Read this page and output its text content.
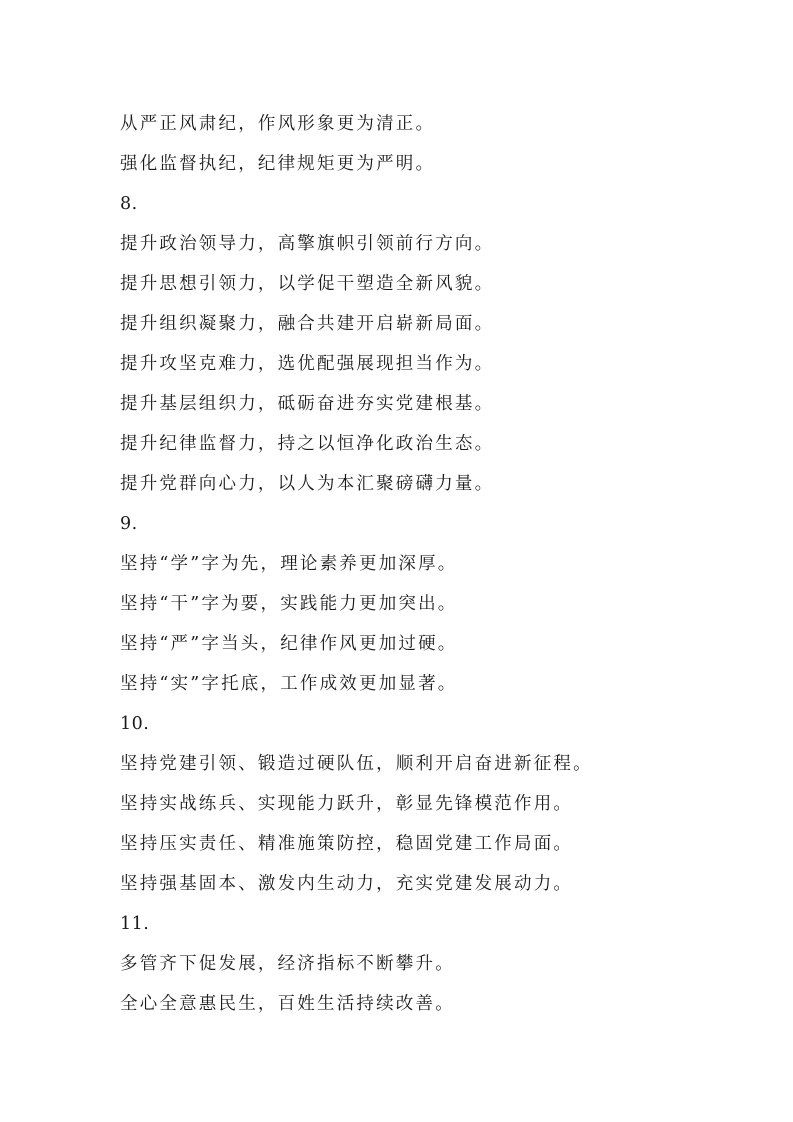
从严正风肃纪，作风形象更为清正。
强化监督执纪，纪律规矩更为严明。
8.
提升政治领导力，高擎旗帜引领前行方向。
提升思想引领力，以学促干塑造全新风貌。
提升组织凝聚力，融合共建开启崭新局面。
提升攻坚克难力，选优配强展现担当作为。
提升基层组织力，砥砺奋进夯实党建根基。
提升纪律监督力，持之以恒净化政治生态。
提升党群向心力，以人为本汇聚磅礴力量。
9.
坚持“学”字为先，理论素养更加深厚。
坚持“干”字为要，实践能力更加突出。
坚持“严”字当头，纪律作风更加过硬。
坚持“实”字托底，工作成效更加显著。
10.
坚持党建引领、锻造过硬队伍，顺利开启奋进新征程。
坚持实战练兵、实现能力跃升，彰显先锋模范作用。
坚持压实责任、精准施策防控，稳固党建工作局面。
坚持强基固本、激发内生动力，充实党建发展动力。
11.
多管齐下促发展，经济指标不断攀升。
全心全意惠民生，百姓生活持续改善。
